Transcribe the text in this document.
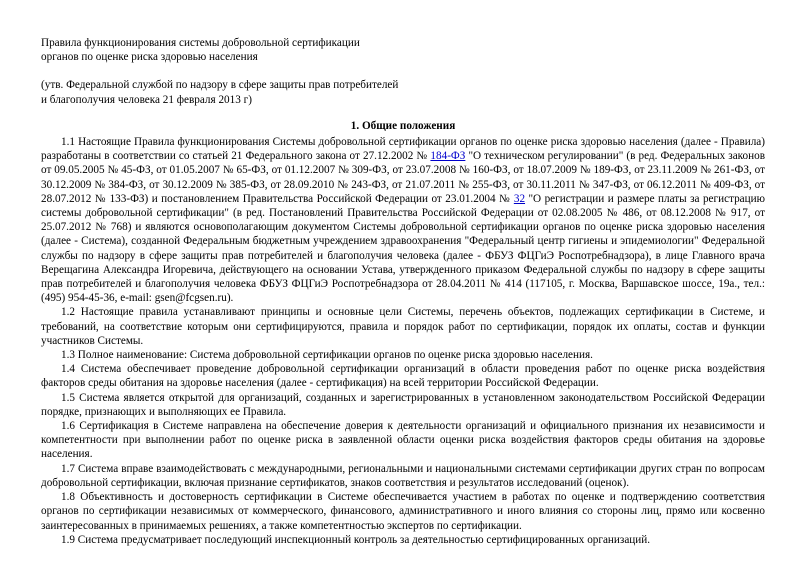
Правила функционирования системы добровольной сертификации
органов по оценке риска здоровью населения
(утв. Федеральной службой по надзору в сфере защиты прав потребителей
и благополучия человека 21 февраля 2013 г)
1. Общие положения

1.1 Настоящие Правила функционирования Системы добровольной сертификации органов по оценке риска здоровью населения (далее - Правила) разработаны в соответствии со статьей 21 Федерального закона от 27.12.2002 № 184-ФЗ "О техническом регулировании" (в ред. Федеральных законов от 09.05.2005 № 45-ФЗ, от 01.05.2007 № 65-ФЗ, от 01.12.2007 № 309-ФЗ, от 23.07.2008 № 160-ФЗ, от 18.07.2009 № 189-ФЗ, от 23.11.2009 № 261-ФЗ, от 30.12.2009 № 384-ФЗ, от 30.12.2009 № 385-ФЗ, от 28.09.2010 № 243-ФЗ, от 21.07.2011 № 255-ФЗ, от 30.11.2011 № 347-ФЗ, от 06.12.2011 № 409-ФЗ, от 28.07.2012 № 133-ФЗ) и постановлением Правительства Российской Федерации от 23.01.2004 № 32 "О регистрации и размере платы за регистрацию системы добровольной сертификации" (в ред. Постановлений Правительства Российской Федерации от 02.08.2005 № 486, от 08.12.2008 № 917, от 25.07.2012 № 768) и являются основополагающим документом Системы добровольной сертификации органов по оценке риска здоровью населения (далее - Система), созданной Федеральным бюджетным учреждением здравоохранения "Федеральный центр гигиены и эпидемиологии" Федеральной службы по надзору в сфере защиты прав потребителей и благополучия человека (далее - ФБУЗ ФЦГиЭ Роспотребнадзора), в лице Главного врача Верещагина Александра Игоревича, действующего на основании Устава, утвержденного приказом Федеральной службы по надзору в сфере защиты прав потребителей и благополучия человека ФБУЗ ФЦГиЭ Роспотребнадзора от 28.04.2011 № 414 (117105, г. Москва, Варшавское шоссе, 19а., тел.: (495) 954-45-36, e-mail: gsen@fcgsen.ru).

1.2 Настоящие правила устанавливают принципы и основные цели Системы, перечень объектов, подлежащих сертификации в Системе, и требований, на соответствие которым они сертифицируются, правила и порядок работ по сертификации, порядок их оплаты, состав и функции участников Системы.

1.3 Полное наименование: Система добровольной сертификации органов по оценке риска здоровью населения.

1.4 Система обеспечивает проведение добровольной сертификации организаций в области проведения работ по оценке риска воздействия факторов среды обитания на здоровье населения (далее - сертификация) на всей территории Российской Федерации.

1.5 Система является открытой для организаций, созданных и зарегистрированных в установленном законодательством Российской Федерации порядке, признающих и выполняющих ее Правила.

1.6 Сертификация в Системе направлена на обеспечение доверия к деятельности организаций и официального признания их независимости и компетентности при выполнении работ по оценке риска в заявленной области оценки риска воздействия факторов среды обитания на здоровье населения.

1.7 Система вправе взаимодействовать с международными, региональными и национальными системами сертификации других стран по вопросам добровольной сертификации, включая признание сертификатов, знаков соответствия и результатов исследований (оценок).

1.8 Объективность и достоверность сертификации в Системе обеспечивается участием в работах по оценке и подтверждению соответствия органов по сертификации независимых от коммерческого, финансового, административного и иного влияния со стороны лиц, прямо или косвенно заинтересованных в принимаемых решениях, а также компетентностью экспертов по сертификации.

1.9 Система предусматривает последующий инспекционный контроль за деятельностью сертифицированных организаций.
